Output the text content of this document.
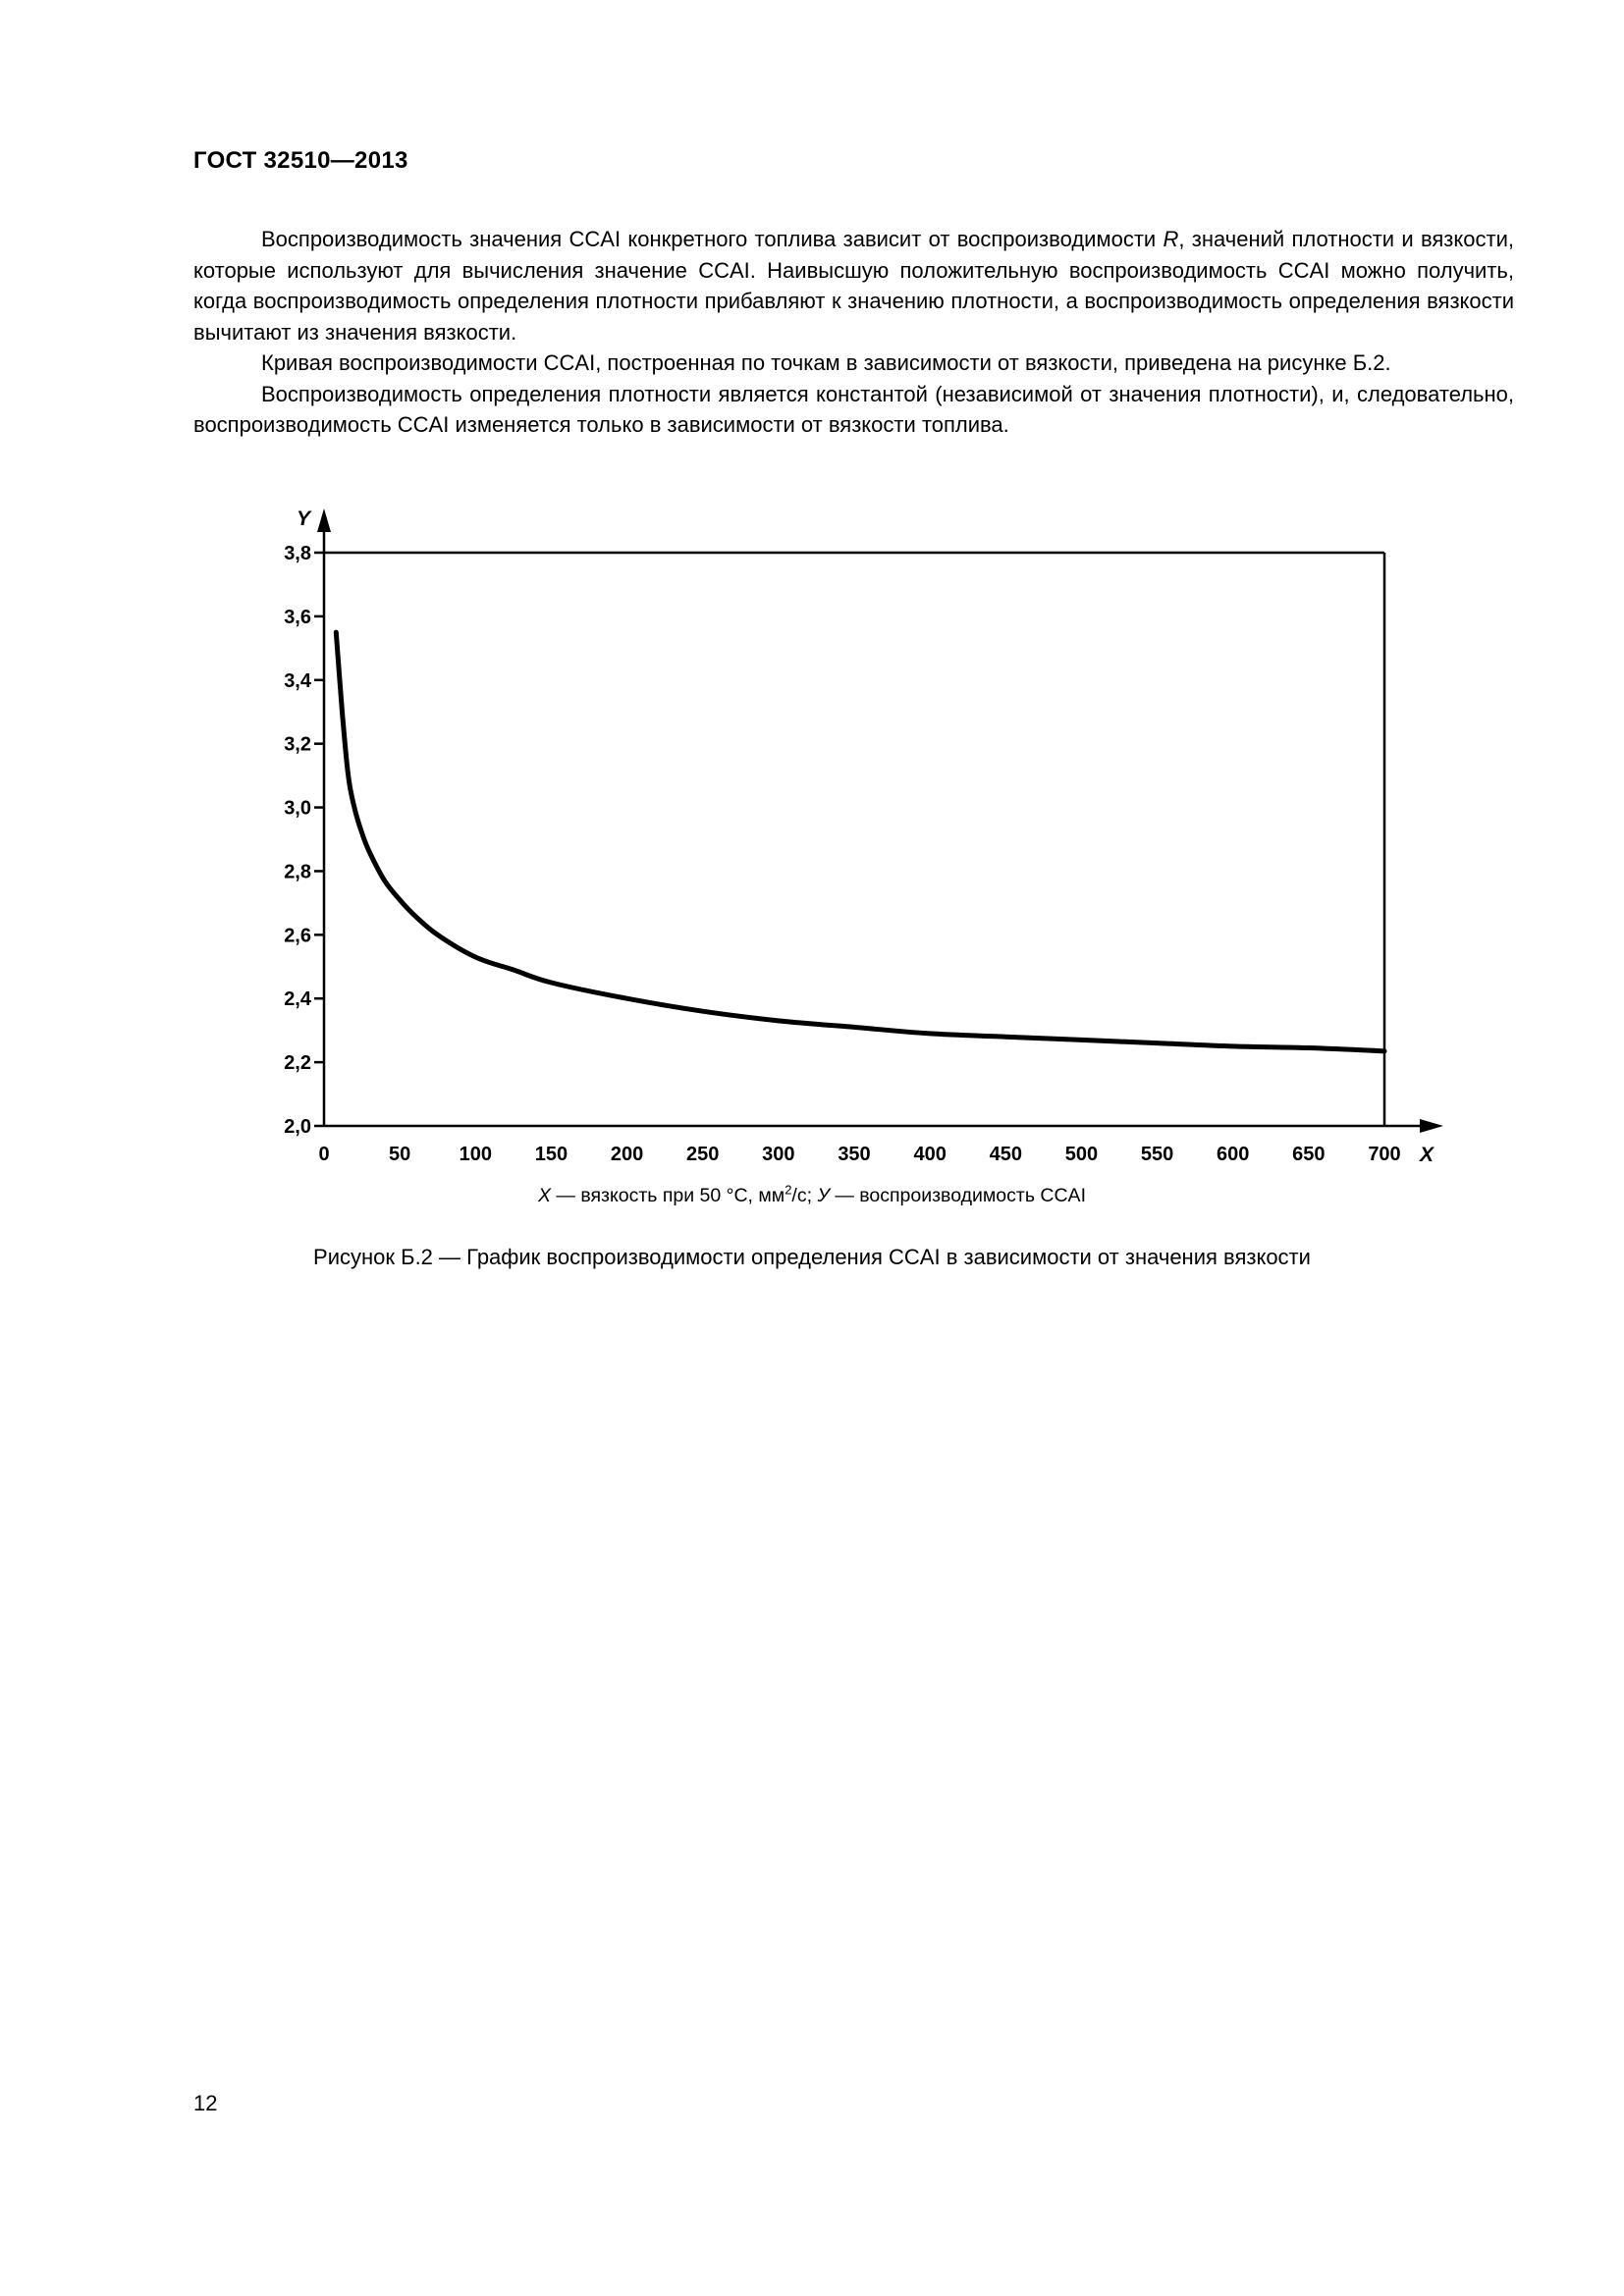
ГОСТ 32510—2013

Воспроизводимость значения CCAI конкретного топлива зависит от воспроизводимости R, значений плотности и вязкости, которые используют для вычисления значение CCAI. Наивысшую положительную воспроизводимость CCAI можно получить, когда воспроизводимость определения плотности прибавляют к значению плотности, а воспроизводимость определения вязкости вычитают из значения вязкости.

Кривая воспроизводимости CCAI, построенная по точкам в зависимости от вязкости, приведена на рисунке Б.2.

Воспроизводимость определения плотности является константой (независимой от значения плотности), и, следовательно, воспроизводимость CCAI изменяется только в зависимости от вязкости топлива.

2,0
2,2
2,4
2,6
2,8
3,0
3,2
3,4
3,6
3,8
0	50 100 150 200 250 300 350 400 450 500 550 600 650 700 X
Y
X — вязкость при 50 °С, $мм^2/с$; У — воспроизводимость CCAI
Рисунок Б.2 — График воспроизводимости определения CCAI в зависимости от значения вязкости
12
